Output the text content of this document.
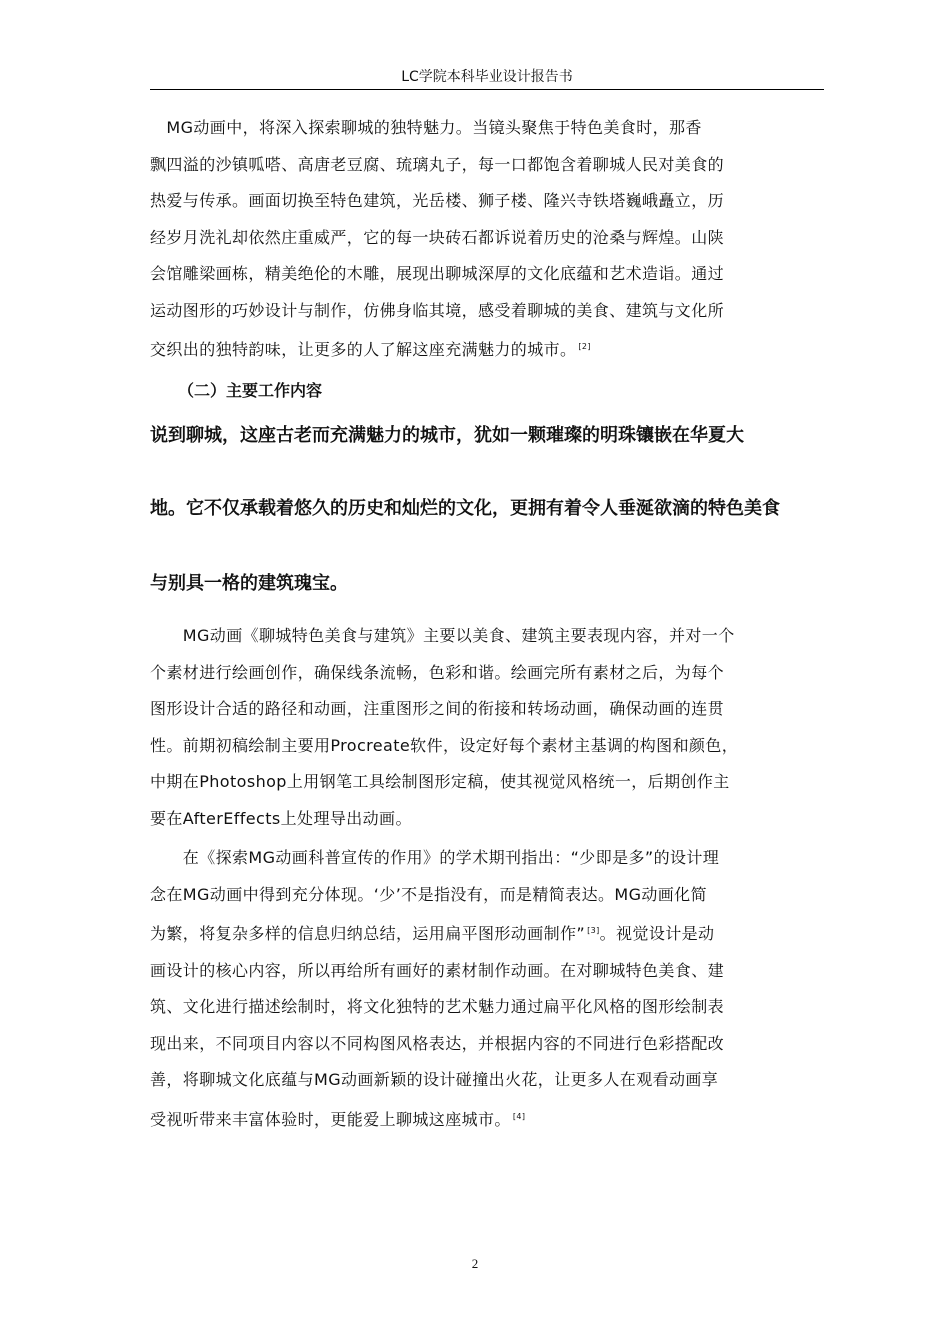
LC学院本科毕业设计报告书

　MG动画中，将深入探索聊城的独特魅力。当镜头聚焦于特色美食时，那香
飘四溢的沙镇呱嗒、高唐老豆腐、琉璃丸子，每一口都饱含着聊城人民对美食的
热爱与传承。画面切换至特色建筑，光岳楼、狮子楼、隆兴寺铁塔巍峨矗立，历
经岁月洗礼却依然庄重威严，它的每一块砖石都诉说着历史的沧桑与辉煌。山陕
会馆雕梁画栋，精美绝伦的木雕，展现出聊城深厚的文化底蕴和艺术造诣。通过
运动图形的巧妙设计与制作，仿佛身临其境，感受着聊城的美食、建筑与文化所
交织出的独特韵味，让更多的人了解这座充满魅力的城市。 [2]

（二）主要工作内容

说到聊城，这座古老而充满魅力的城市，犹如一颗璀璨的明珠镶嵌在华夏大

地。它不仅承载着悠久的历史和灿烂的文化，更拥有着令人垂涎欲滴的特色美食

与别具一格的建筑瑰宝。

　　MG动画《聊城特色美食与建筑》主要以美食、建筑主要表现内容，并对一个
个素材进行绘画创作，确保线条流畅，色彩和谐。绘画完所有素材之后，为每个
图形设计合适的路径和动画，注重图形之间的衔接和转场动画，确保动画的连贯
性。前期初稿绘制主要用Procreate软件，设定好每个素材主基调的构图和颜色，
中期在Photoshop上用钢笔工具绘制图形定稿，使其视觉风格统一，后期创作主
要在AfterEffects上处理导出动画。

　　在《探索MG动画科普宣传的作用》的学术期刊指出：“少即是多”的设计理
念在MG动画中得到充分体现。‘少’不是指没有，而是精简表达。MG动画化简
为繁，将复杂多样的信息归纳总结，运用扁平图形动画制作” [3]。视觉设计是动
画设计的核心内容，所以再给所有画好的素材制作动画。在对聊城特色美食、建
筑、文化进行描述绘制时，将文化独特的艺术魅力通过扁平化风格的图形绘制表
现出来，不同项目内容以不同构图风格表达，并根据内容的不同进行色彩搭配改
善，将聊城文化底蕴与MG动画新颖的设计碰撞出火花，让更多人在观看动画享
受视听带来丰富体验时，更能爱上聊城这座城市。 [4]

2
